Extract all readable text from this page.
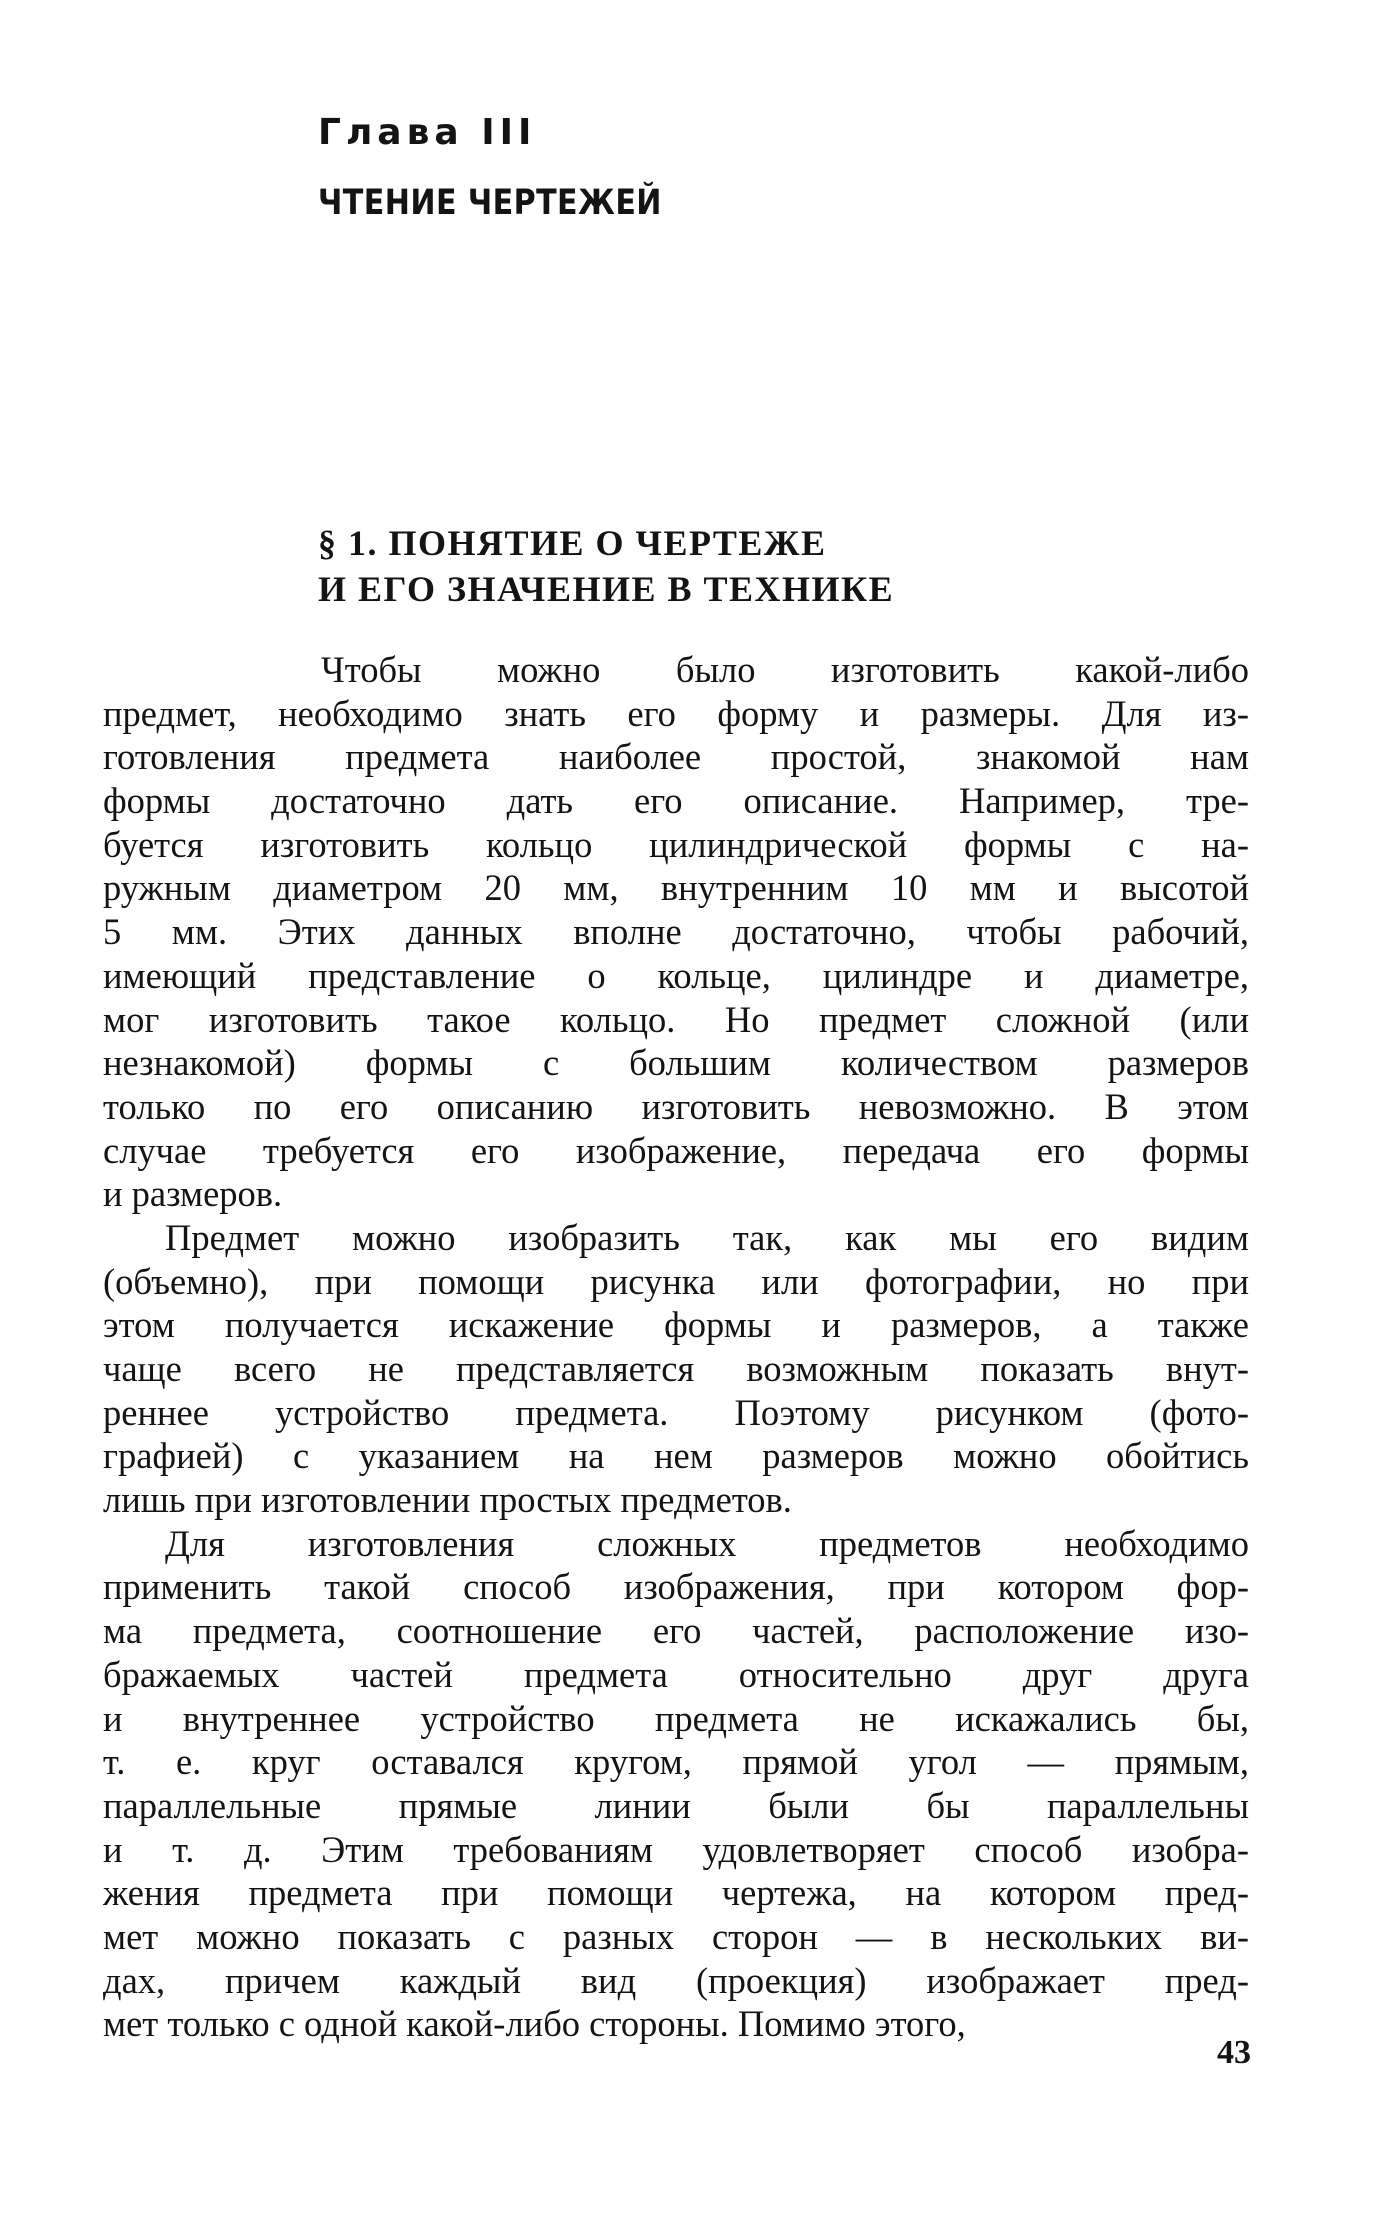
Глава III
ЧТЕНИЕ ЧЕРТЕЖЕЙ
§ 1. ПОНЯТИЕ О ЧЕРТЕЖЕ
И ЕГО ЗНАЧЕНИЕ В ТЕХНИКЕ
Чтобы можно было изготовить какой-либо
предмет, необходимо знать его форму и размеры. Для из-
готовления предмета наиболее простой, знакомой нам
формы достаточно дать его описание. Например, тре-
буется изготовить кольцо цилиндрической формы с на-
ружным диаметром 20 мм, внутренним 10 мм и высотой
5 мм. Этих данных вполне достаточно, чтобы рабочий,
имеющий представление о кольце, цилиндре и диаметре,
мог изготовить такое кольцо. Но предмет сложной (или
незнакомой) формы с большим количеством размеров
только по его описанию изготовить невозможно. В этом
случае требуется его изображение, передача его формы
и размеров.
Предмет можно изобразить так, как мы его видим
(объемно), при помощи рисунка или фотографии, но при
этом получается искажение формы и размеров, а также
чаще всего не представляется возможным показать внут-
реннее устройство предмета. Поэтому рисунком (фото-
графией) с указанием на нем размеров можно обойтись
лишь при изготовлении простых предметов.
Для изготовления сложных предметов необходимо
применить такой способ изображения, при котором фор-
ма предмета, соотношение его частей, расположение изо-
бражаемых частей предмета относительно друг друга
и внутреннее устройство предмета не искажались бы,
т. е. круг оставался кругом, прямой угол — прямым,
параллельные прямые линии были бы параллельны
и т. д. Этим требованиям удовлетворяет способ изобра-
жения предмета при помощи чертежа, на котором пред-
мет можно показать с разных сторон — в нескольких ви-
дах, причем каждый вид (проекция) изображает пред-
мет только с одной какой-либо стороны. Помимо этого,
43
